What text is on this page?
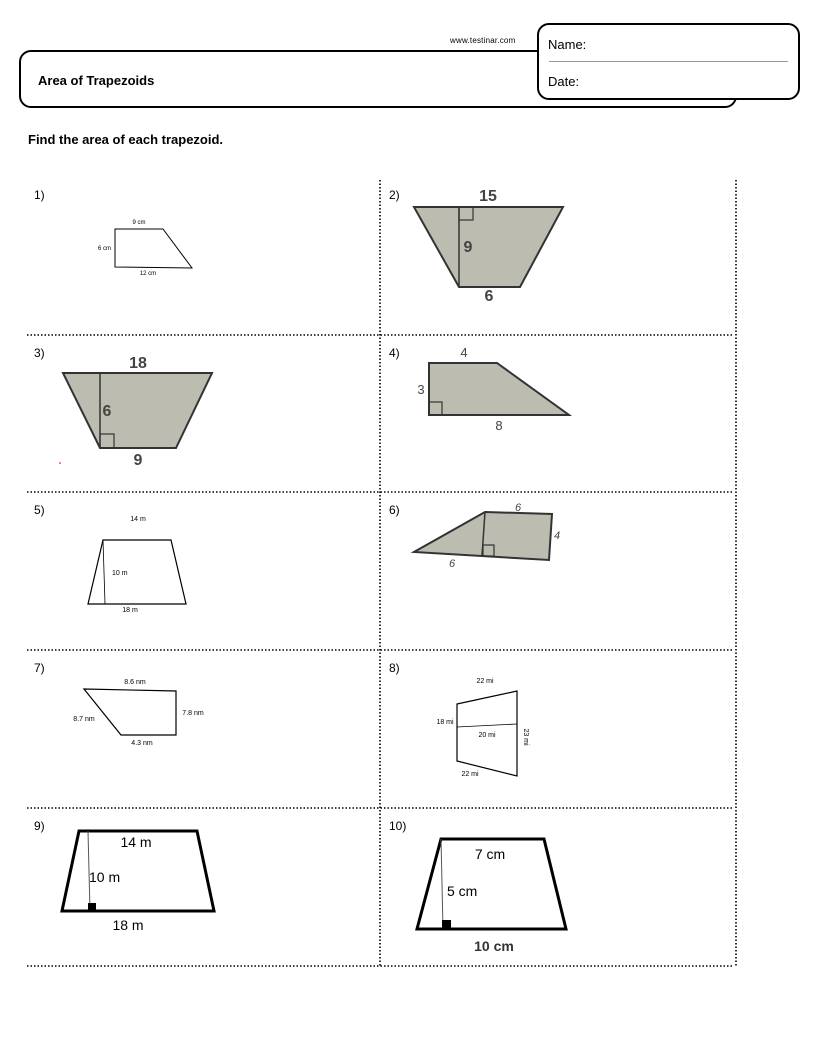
www.testinar.com
Area of Trapezoids
Name:
Date:
Find the area of each trapezoid.
1)	2)
3)	4)
5)	6)
7)	8)
9)	10)
9 cm
6 cm
12 cm
15
9
6
18
6
9
4
3
8
14 m
10 m
18 m
6
4
6
8.6 nm
8.7 nm
7.8 nm
4.3 nm
22 mi
18 mi
20 mi	23 mi
22 mi
14 m
10 m
18 m
7 cm
5 cm
10 cm
